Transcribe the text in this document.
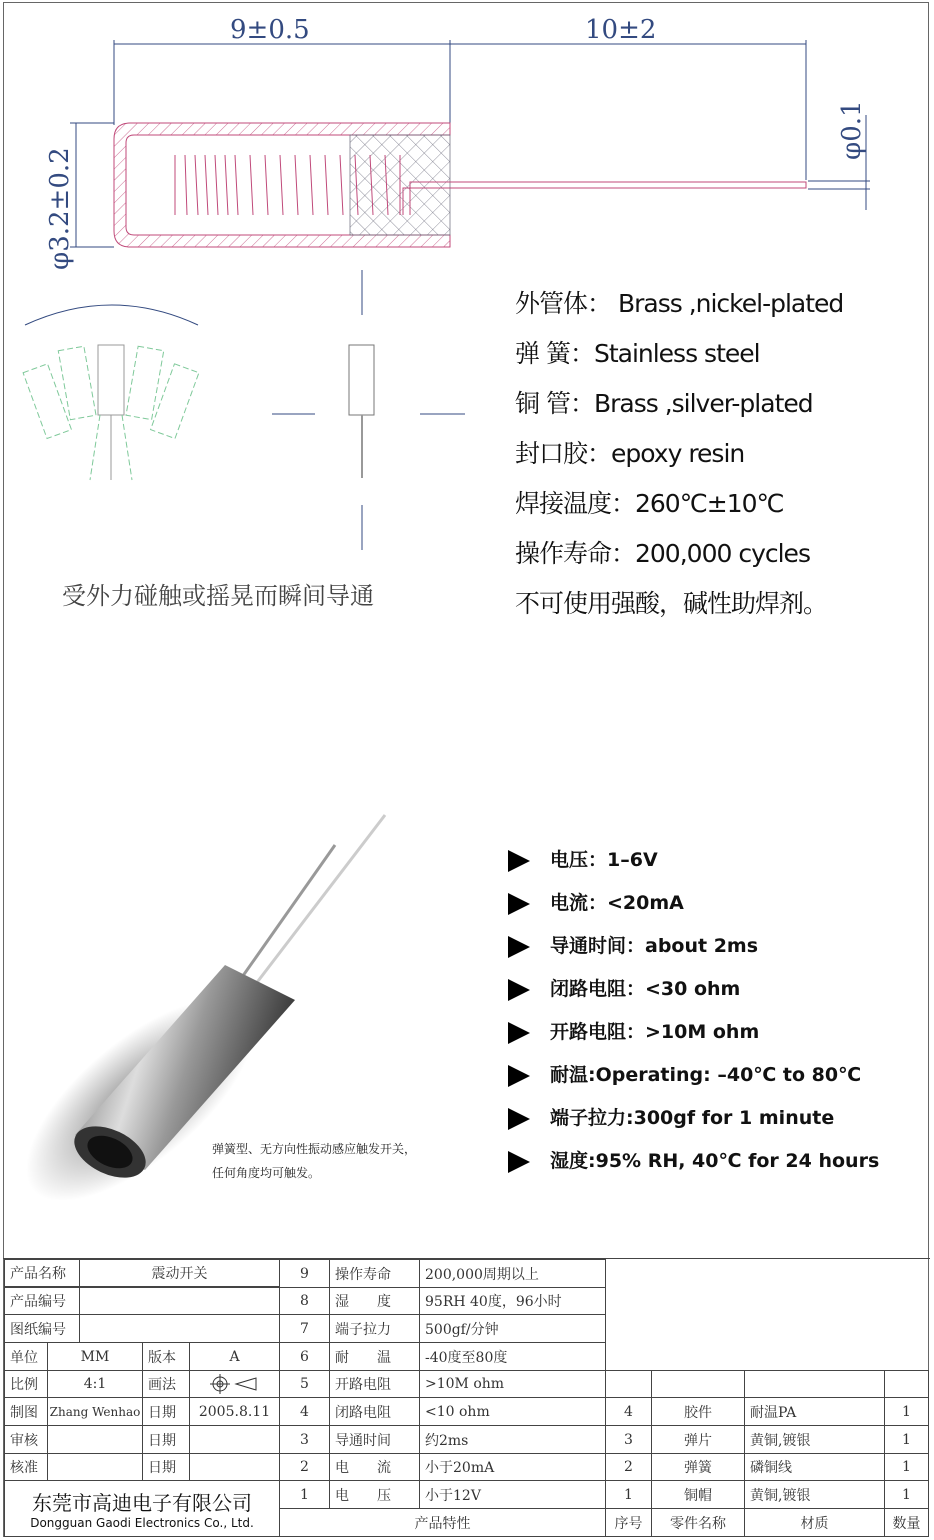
9±0.5	10±2
φ3.2±0.2
φ0.1
受外力碰触或摇晃而瞬间导通
外管体： Brass ,nickel-plated
弹 簧：Stainless steel
铜 管：Brass ,silver-plated
封口胶：epoxy resin
焊接温度：260℃±10℃
操作寿命：200,000 cycles
不可使用强酸，碱性助焊剂。
弹簧型、无方向性振动感应触发开关，
任何角度均可触发。
电压：1–6V
电流：<20mA
导通时间：about 2ms
闭路电阻：<30 ohm
开路电阻：>10M ohm
耐温:Operating: –40℃ to 80℃
端子拉力:300gf for 1 minute
湿度:95% RH, 40℃ for 24 hours
产品名称	震动开关
产品编号
图纸编号
单位	MM	版本	A
比例	4:1	画法
制图 Zhang Wenhao 日期	2005.8.11
审核	日期
核准	日期
东莞市高迪电子有限公司
Dongguan Gaodi Electronics Co., Ltd.
9	操作寿命	200,000周期以上
8	湿　　度	95RH 40度，96小时
7	端子拉力	500gf/分钟
6	耐　　温	-40度至80度
5	开路电阻	>10M ohm
4	闭路电阻	<10 ohm
3	导通时间	约2ms
2	电　　流	小于20mA
1	电　　压	小于12V
产品特性
4	胶件	耐温PA	1
3	弹片	黄铜,镀银	1
2	弹簧	磷铜线	1
1	铜帽	黄铜,镀银	1
序号	零件名称	材质	数量
